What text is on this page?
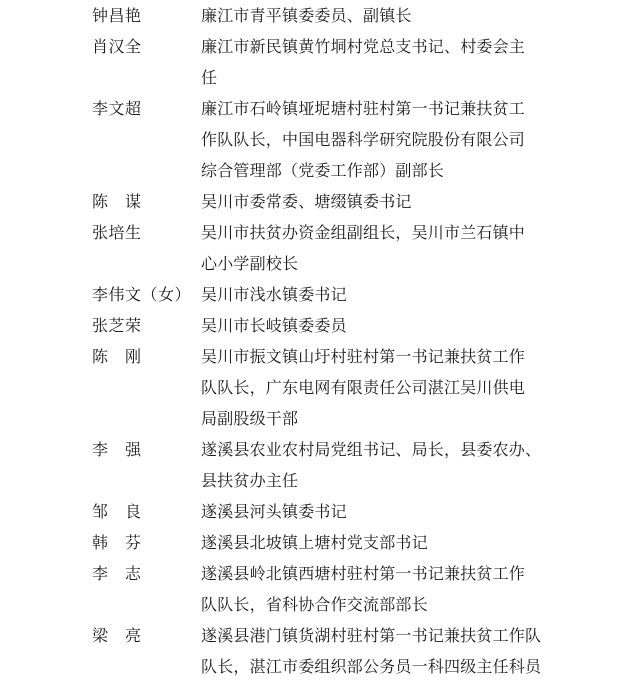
钟昌艳	廉江市青平镇委委员、副镇长
肖汉全	廉江市新民镇黄竹垌村党总支书记、村委会主
任
李文超	廉江市石岭镇垭坭塘村驻村第一书记兼扶贫工
作队队长，中国电器科学研究院股份有限公司
综合管理部（党委工作部）副部长
陈　谋	吴川市委常委、塘缀镇委书记
张培生	吴川市扶贫办资金组副组长，吴川市兰石镇中
心小学副校长
李伟文（女） 吴川市浅水镇委书记
张芝荣	吴川市长岐镇委委员
陈　刚	吴川市振文镇山圩村驻村第一书记兼扶贫工作
队队长，广东电网有限责任公司湛江吴川供电
局副股级干部
李　强	遂溪县农业农村局党组书记、局长，县委农办、
县扶贫办主任
邹　良	遂溪县河头镇委书记
韩　芬	遂溪县北坡镇上塘村党支部书记
李　志	遂溪县岭北镇西塘村驻村第一书记兼扶贫工作
队队长，省科协合作交流部部长
梁　亮	遂溪县港门镇货湖村驻村第一书记兼扶贫工作队
队长，湛江市委组织部公务员一科四级主任科员
